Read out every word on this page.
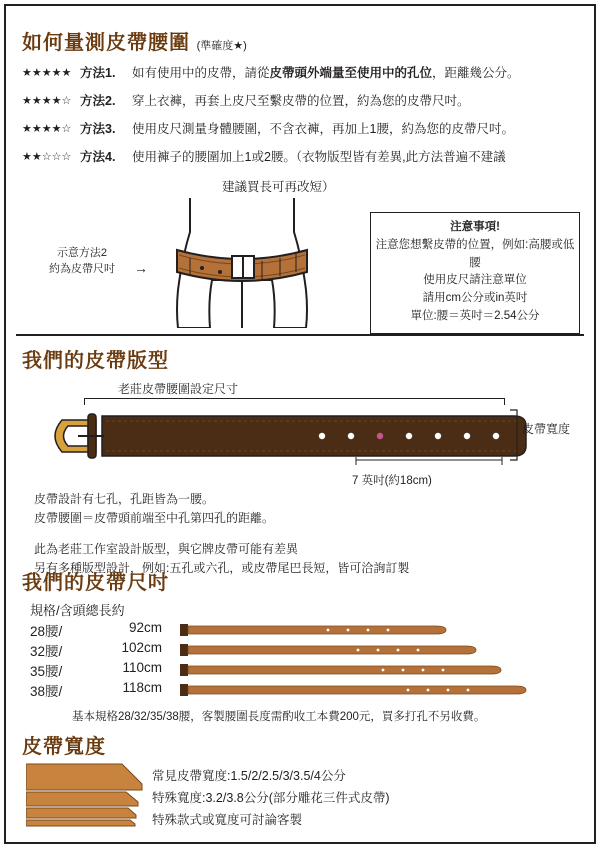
如何量測皮帶腰圍 (準確度★)
★★★★★ 方法1.	如有使用中的皮帶，請從皮帶頭外端量至使用中的孔位，距離幾公分。
★★★★☆ 方法2.	穿上衣褲，再套上皮尺至繫皮帶的位置，約為您的皮帶尺吋。
★★★★☆ 方法3.	使用皮尺測量身體腰圍，不含衣褲，再加上1腰，約為您的皮帶尺吋。
★★☆☆☆ 方法4.	使用褲子的腰圍加上1或2腰。（衣物版型皆有差異,此方法普遍不建議
建議買長可再改短）
示意方法2
約為皮帶尺吋	→
注意事項!
注意您想繫皮帶的位置，例如:高腰或低腰
使用皮尺請注意單位
請用cm公分或in英吋
單位:腰＝英吋＝2.54公分
我們的皮帶版型
老莊皮帶腰圍設定尺寸
皮帶寬度
7 英吋(約18cm)
皮帶設計有七孔，孔距皆為一腰。
皮帶腰圍＝皮帶頭前端至中孔第四孔的距離。
此為老莊工作室設計版型，與它牌皮帶可能有差異
另有多種版型設計，例如:五孔或六孔，或皮帶尾巴長短，皆可洽詢訂製
我們的皮帶尺吋
規格/含頭總長約
28腰/	92cm
32腰/	102cm
35腰/	110cm
38腰/	118cm
基本規格28/32/35/38腰，客製腰圍長度需酌收工本費200元，買多打孔不另收費。
皮帶寬度
常見皮帶寬度:1.5/2/2.5/3/3.5/4公分
特殊寬度:3.2/3.8公分(部分雕花三件式皮帶)
特殊款式或寬度可討論客製
